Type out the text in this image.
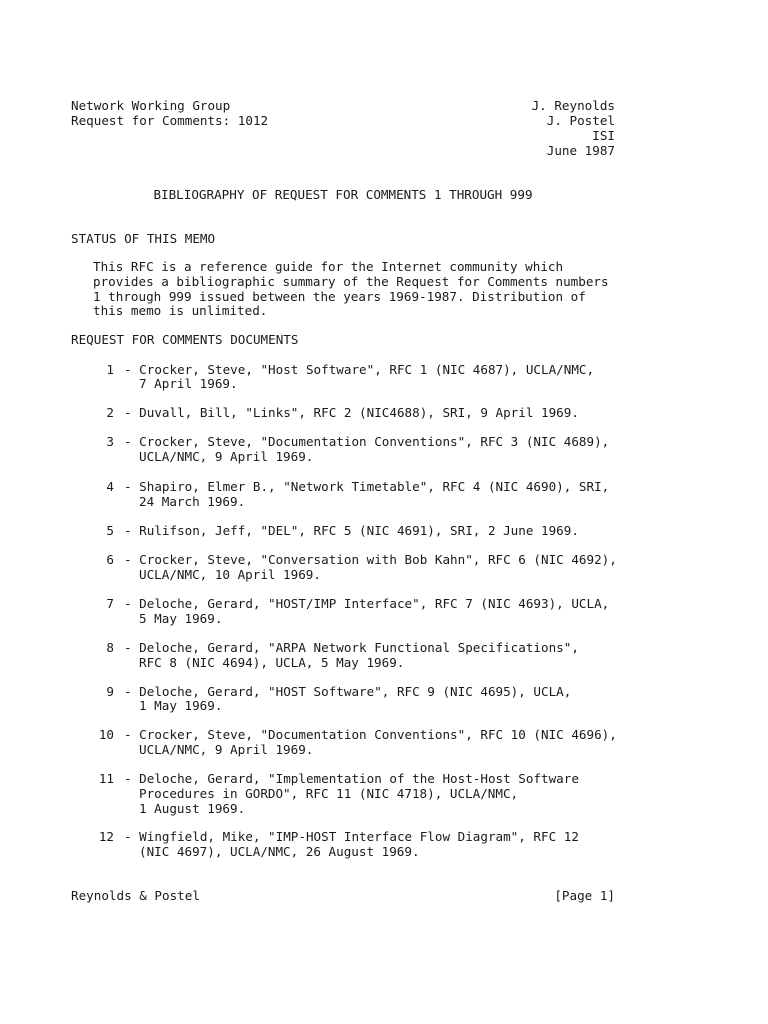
Network Working Group
Request for Comments: 1012
J. Reynolds
J. Postel
ISI
June 1987
BIBLIOGRAPHY OF REQUEST FOR COMMENTS 1 THROUGH 999
STATUS OF THIS MEMO
This RFC is a reference guide for the Internet community which
provides a bibliographic summary of the Request for Comments numbers
1 through 999 issued between the years 1969-1987. Distribution of
this memo is unlimited.
REQUEST FOR COMMENTS DOCUMENTS
1 - Crocker, Steve, "Host Software", RFC 1 (NIC 4687), UCLA/NMC,
7 April 1969.
2 - Duvall, Bill, "Links", RFC 2 (NIC4688), SRI, 9 April 1969.
3 - Crocker, Steve, "Documentation Conventions", RFC 3 (NIC 4689),
UCLA/NMC, 9 April 1969.
4 - Shapiro, Elmer B., "Network Timetable", RFC 4 (NIC 4690), SRI,
24 March 1969.
5 - Rulifson, Jeff, "DEL", RFC 5 (NIC 4691), SRI, 2 June 1969.
6 - Crocker, Steve, "Conversation with Bob Kahn", RFC 6 (NIC 4692),
UCLA/NMC, 10 April 1969.
7 - Deloche, Gerard, "HOST/IMP Interface", RFC 7 (NIC 4693), UCLA,
5 May 1969.
8 - Deloche, Gerard, "ARPA Network Functional Specifications",
RFC 8 (NIC 4694), UCLA, 5 May 1969.
9 - Deloche, Gerard, "HOST Software", RFC 9 (NIC 4695), UCLA,
1 May 1969.
10 - Crocker, Steve, "Documentation Conventions", RFC 10 (NIC 4696),
UCLA/NMC, 9 April 1969.
11 - Deloche, Gerard, "Implementation of the Host-Host Software
Procedures in GORDO", RFC 11 (NIC 4718), UCLA/NMC,
1 August 1969.
12 - Wingfield, Mike, "IMP-HOST Interface Flow Diagram", RFC 12
(NIC 4697), UCLA/NMC, 26 August 1969.
Reynolds & Postel	[Page 1]
